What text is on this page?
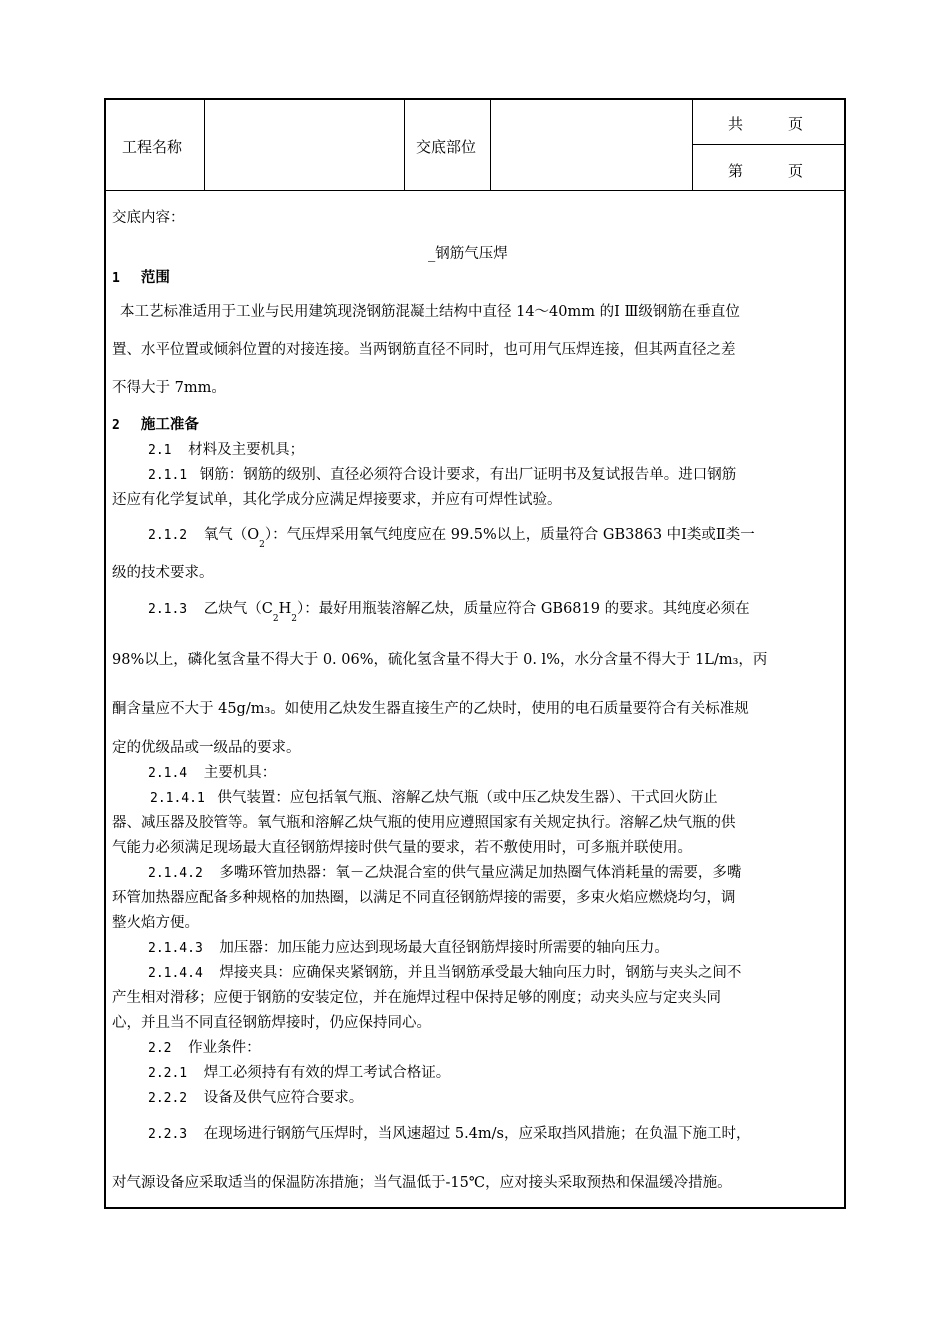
工程名称	交底部位
共　　　页
第　　　页
交底内容：
_钢筋气压焊
1 范围
本工艺标准适用于工业与民用建筑现浇钢筋混凝土结构中直径 14～40mm 的Ⅰ Ⅲ级钢筋在垂直位
置、水平位置或倾斜位置的对接连接。当两钢筋直径不同时，也可用气压焊连接，但其两直径之差
不得大于 7mm。
2 施工准备
2.1 材料及主要机具；
2.1.1 钢筋：钢筋的级别、直径必须符合设计要求，有出厂证明书及复试报告单。进口钢筋
还应有化学复试单，其化学成分应满足焊接要求，并应有可焊性试验。
2.1.2 氧气$(O_2)$：气压焊采用氧气纯度应在 99.5%以上，质量符合 GB3863 中Ⅰ类或Ⅱ类一
级的技术要求。
2.1.3 乙炔气$(C_2H_2)$：最好用瓶装溶解乙炔，质量应符合 GB6819 的要求。其纯度必须在
98%以上，磷化氢含量不得大于 0. 06%，硫化氢含量不得大于 0. l%，水分含量不得大于 1L/m₃，丙
酮含量应不大于 45g/m₃。如使用乙炔发生器直接生产的乙炔时，使用的电石质量要符合有关标准规
定的优级品或一级品的要求。
2.1.4 主要机具：
2.1.4.1 供气装置：应包括氧气瓶、溶解乙炔气瓶（或中压乙炔发生器）、干式回火防止
器、减压器及胶管等。氧气瓶和溶解乙炔气瓶的使用应遵照国家有关规定执行。溶解乙炔气瓶的供
气能力必须满足现场最大直径钢筋焊接时供气量的要求，若不敷使用时，可多瓶并联使用。
2.1.4.2 多嘴环管加热器：氧－乙炔混合室的供气量应满足加热圈气体消耗量的需要，多嘴
环管加热器应配备多种规格的加热圈，以满足不同直径钢筋焊接的需要，多束火焰应燃烧均匀，调
整火焰方便。
2.1.4.3 加压器：加压能力应达到现场最大直径钢筋焊接时所需要的轴向压力。
2.1.4.4 焊接夹具：应确保夹紧钢筋，并且当钢筋承受最大轴向压力时，钢筋与夹头之间不
产生相对滑移；应便于钢筋的安装定位，并在施焊过程中保持足够的刚度；动夹头应与定夹头同
心，并且当不同直径钢筋焊接时，仍应保持同心。
2.2 作业条件：
2.2.1 焊工必须持有有效的焊工考试合格证。
2.2.2 设备及供气应符合要求。
2.2.3 在现场进行钢筋气压焊时，当风速超过 5.4m/s，应采取挡风措施；在负温下施工时，
对气源设备应采取适当的保温防冻措施；当气温低于-15℃，应对接头采取预热和保温缓冷措施。
